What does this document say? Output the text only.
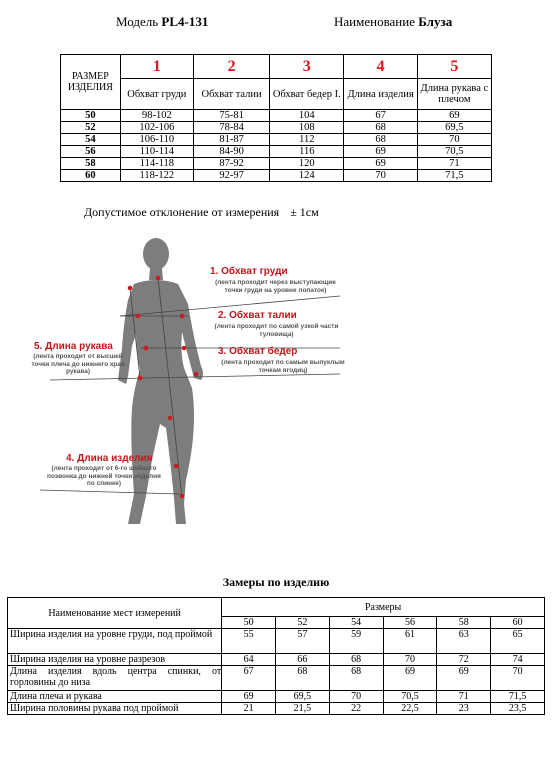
Модель PL4-131	Наименование Блуза
РАЗМЕР ИЗДЕЛИЯ	1	2	3	4	5
	Обхват груди	Обхват талии	Обхват бедер I.	Длина изделия	Длина рукава с плечом
50	98-102	75-81	104	67	69
52	102-106	78-84	108	68	69,5
54	106-110	81-87	112	68	70
56	110-114	84-90	116	69	70,5
58	114-118	87-92	120	69	71
60	118-122	92-97	124	70	71,5
Допустимое отклонение от измерения ± 1см
1. Обхват груди
(лента проходит через выступающие точки груди на уровне лопаток)
2. Обхват талии
(лента проходит по самой узкой части туловища)
3. Обхват бедер
(лента проходит по самым выпуклым точкам ягодиц)
5. Длина рукава
(лента проходит от высшей точки плеча до нижнего края рукава)
4. Длина изделия
(лента проходит от 6-го шейного позвонка до нижней точки изделия по спинке)
Замеры по изделию
Наименование мест измерений	Размеры					
	50	52	54	56	58	60
Ширина изделия на уровне груди, под проймой	55	57	59	61	63	65
Ширина изделия на уровне разрезов	64	66	68	70	72	74
Длина изделия вдоль центра спинки, от горловины до низа	67	68	68	69	69	70
Длина плеча и рукава	69	69,5	70	70,5	71	71,5
Ширина половины рукава под проймой	21	21,5	22	22,5	23	23,5
